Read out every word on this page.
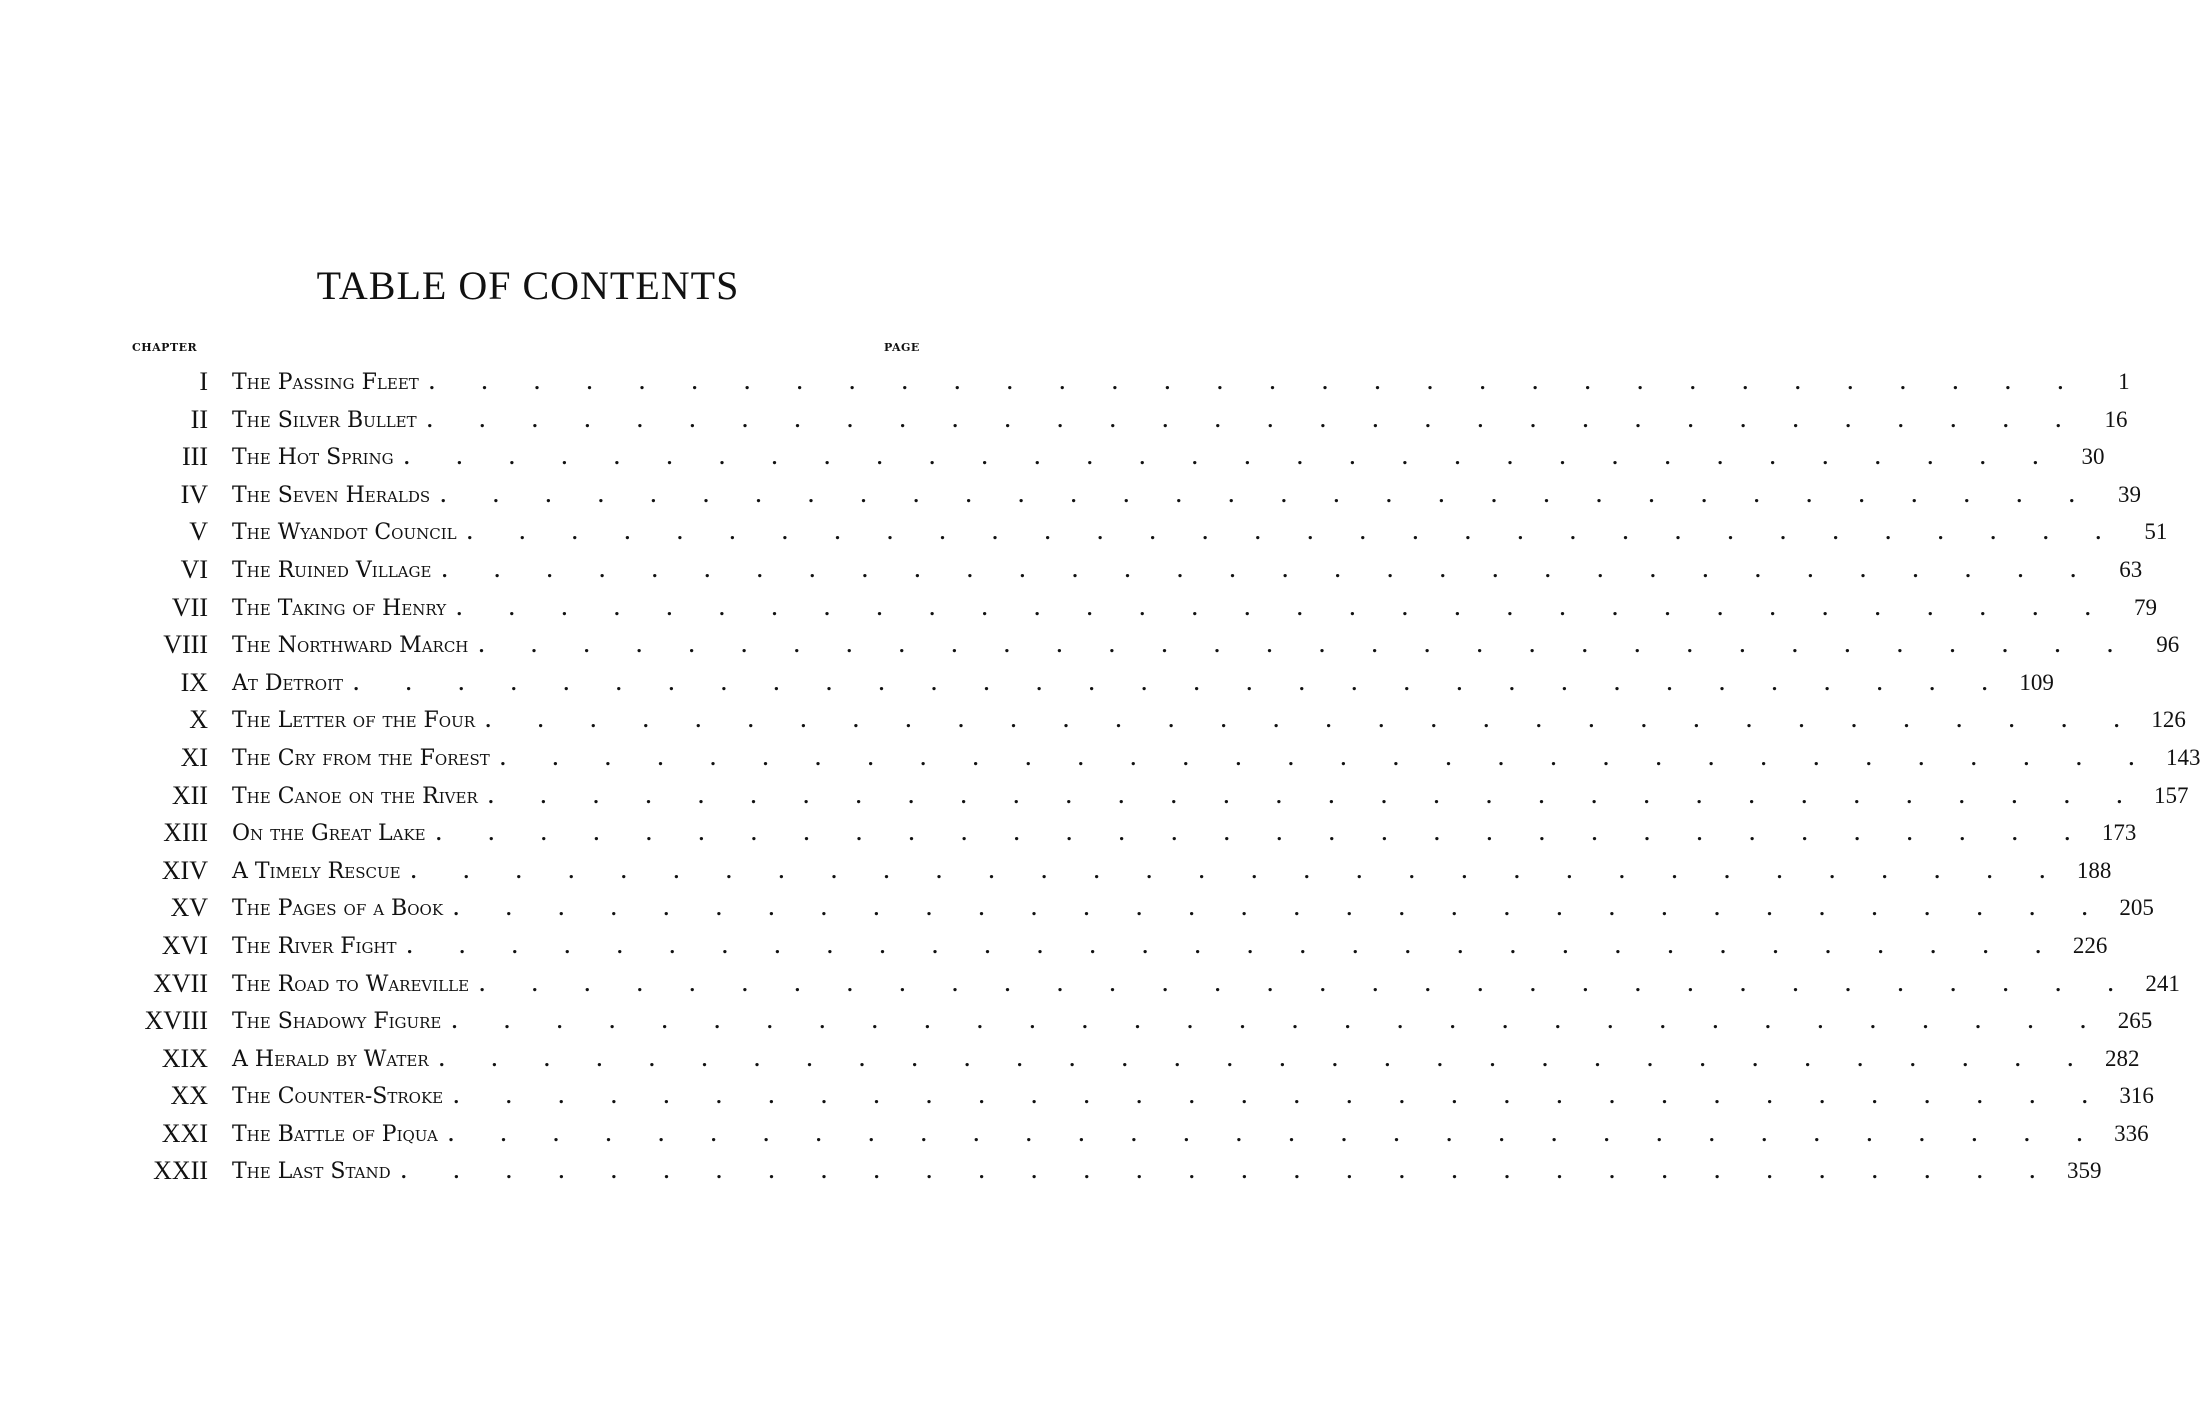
TABLE OF CONTENTS
CHAPTER	PAGE
I The Passing Fleet . . . . . . . . . . . . . . . . . . . . . . . . . . . . . . . .	1
II The Silver Bullet . . . . . . . . . . . . . . . . . . . . . . . . . . . . . . . .	16
III The Hot Spring . . . . . . . . . . . . . . . . . . . . . . . . . . . . . . . .	30
IV The Seven Heralds . . . . . . . . . . . . . . . . . . . . . . . . . . . . . . . .	39
V The Wyandot Council . . . . . . . . . . . . . . . . . . . . . . . . . . . . . . . .	51
VI The Ruined Village . . . . . . . . . . . . . . . . . . . . . . . . . . . . . . . .	63
VII The Taking of Henry . . . . . . . . . . . . . . . . . . . . . . . . . . . . . . . .	79
VIII The Northward March . . . . . . . . . . . . . . . . . . . . . . . . . . . . . . . .	96
IX At Detroit . . . . . . . . . . . . . . . . . . . . . . . . . . . . . . . . 109
X The Letter of the Four . . . . . . . . . . . . . . . . . . . . . . . . . . . . . . . . 126
XI The Cry from the Forest . . . . . . . . . . . . . . . . . . . . . . . . . . . . . . . . 143
XII The Canoe on the River . . . . . . . . . . . . . . . . . . . . . . . . . . . . . . . . 157
XIII On the Great Lake . . . . . . . . . . . . . . . . . . . . . . . . . . . . . . . . 173
XIV A Timely Rescue . . . . . . . . . . . . . . . . . . . . . . . . . . . . . . . . 188
XV The Pages of a Book . . . . . . . . . . . . . . . . . . . . . . . . . . . . . . . . 205
XVI The River Fight . . . . . . . . . . . . . . . . . . . . . . . . . . . . . . . . 226
XVII The Road to Wareville . . . . . . . . . . . . . . . . . . . . . . . . . . . . . . . . 241
XVIII The Shadowy Figure . . . . . . . . . . . . . . . . . . . . . . . . . . . . . . . . 265
XIX A Herald by Water . . . . . . . . . . . . . . . . . . . . . . . . . . . . . . . . 282
XX The Counter-Stroke . . . . . . . . . . . . . . . . . . . . . . . . . . . . . . . . 316
XXI The Battle of Piqua . . . . . . . . . . . . . . . . . . . . . . . . . . . . . . . . 336
XXII The Last Stand . . . . . . . . . . . . . . . . . . . . . . . . . . . . . . . . 359
